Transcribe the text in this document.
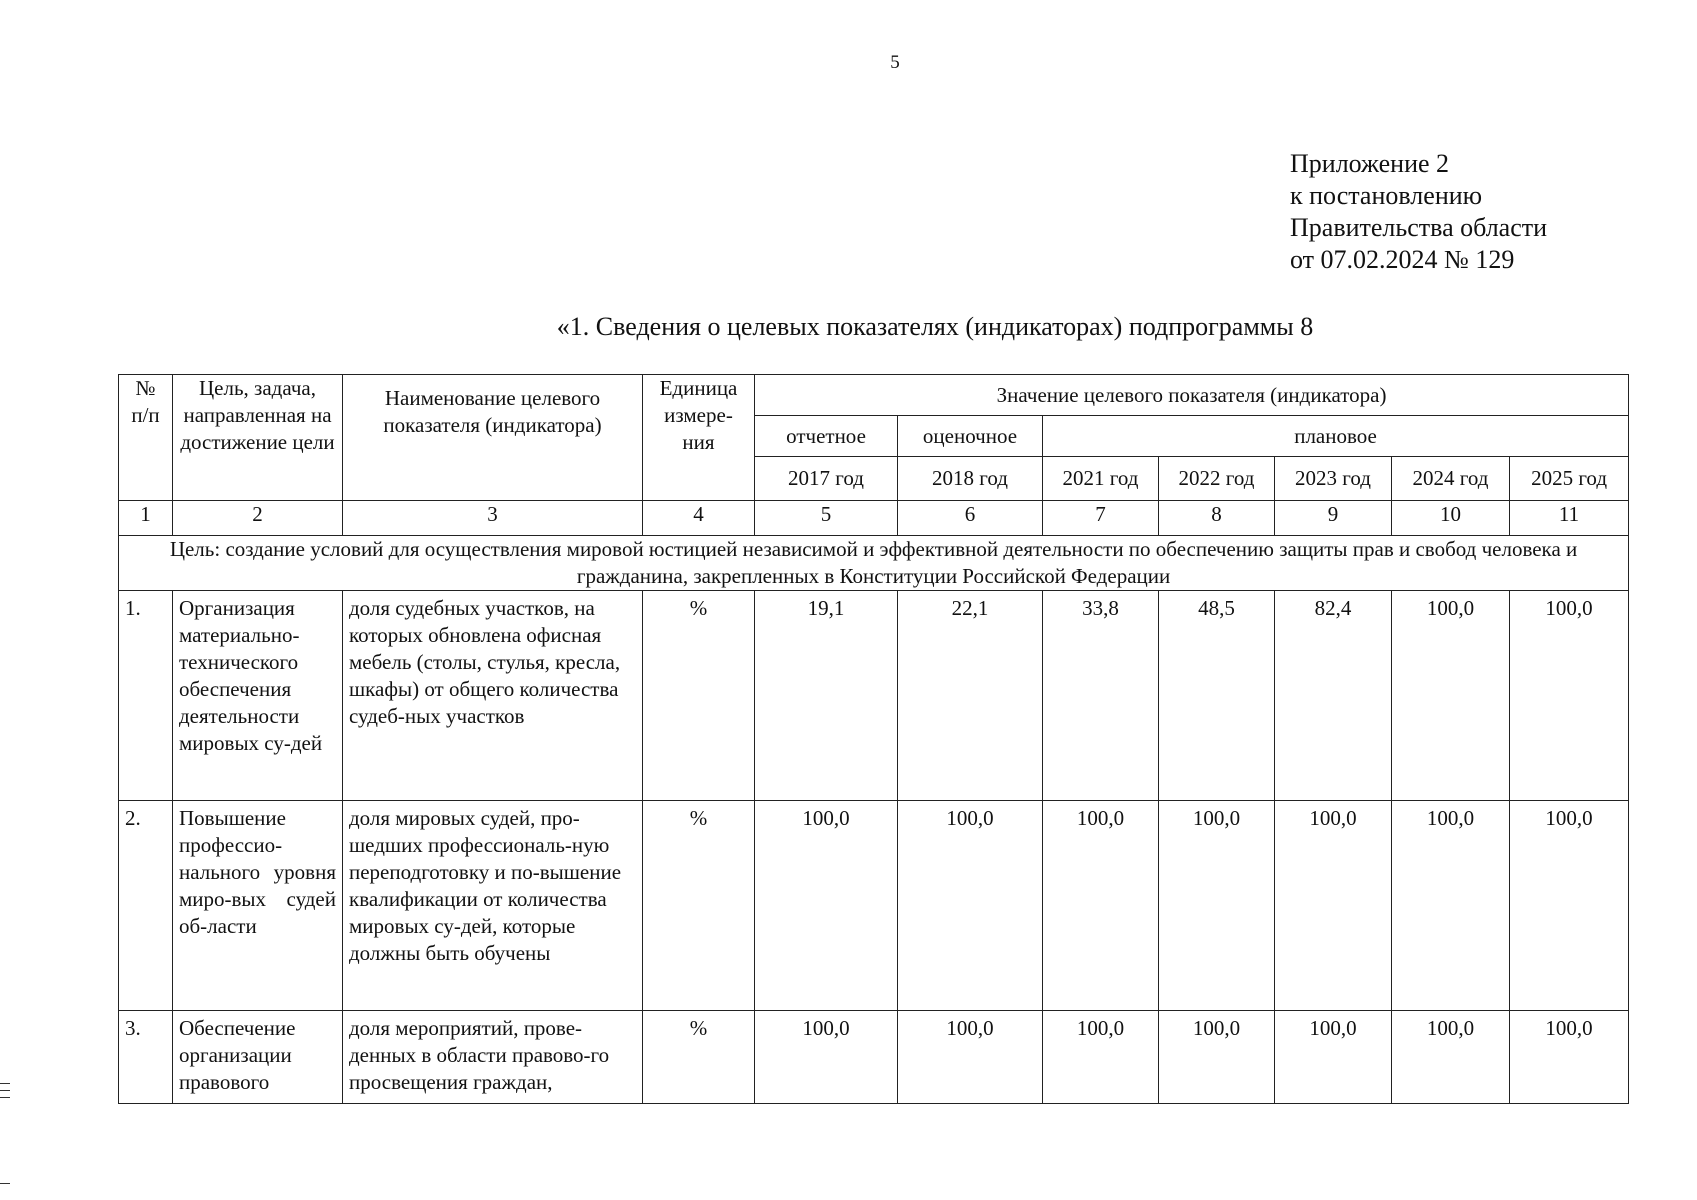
5
Приложение 2
к постановлению
Правительства области
от 07.02.2024 № 129
«1. Сведения о целевых показателях (индикаторах) подпрограммы 8
№ п/п	Цель, задача, направленная на достижение цели	Наименование целевого показателя (индикатора)	Единица измере-ния	Значение целевого показателя (индикатора)						
				отчетное	оценочное	плановое				
				2017 год	2018 год	2021 год	2022 год	2023 год	2024 год	2025 год
1	2	3	4	5	6	7	8	9	10	11
Цель: создание условий для осуществления мировой юстицией независимой и эффективной деятельности по обеспечению защиты прав и свобод человека и гражданина, закрепленных в Конституции Российской Федерации										
1.	Организация материально-технического обеспечения деятельности мировых су-дей	доля судебных участков, на которых обновлена офисная мебель (столы, стулья, кресла, шкафы) от общего количества судеб-ных участков	%	19,1	22,1	33,8	48,5	82,4	100,0	100,0
2.	Повышение профессио-нального уровня миро-вых судей об-ласти	доля мировых судей, про-шедших профессиональ-ную переподготовку и по-вышение квалификации от количества мировых су-дей, которые должны быть обучены	%	100,0	100,0	100,0	100,0	100,0	100,0	100,0
3.	Обеспечение организации правового	доля мероприятий, прове-денных в области правово-го просвещения граждан,	%	100,0	100,0	100,0	100,0	100,0	100,0	100,0
